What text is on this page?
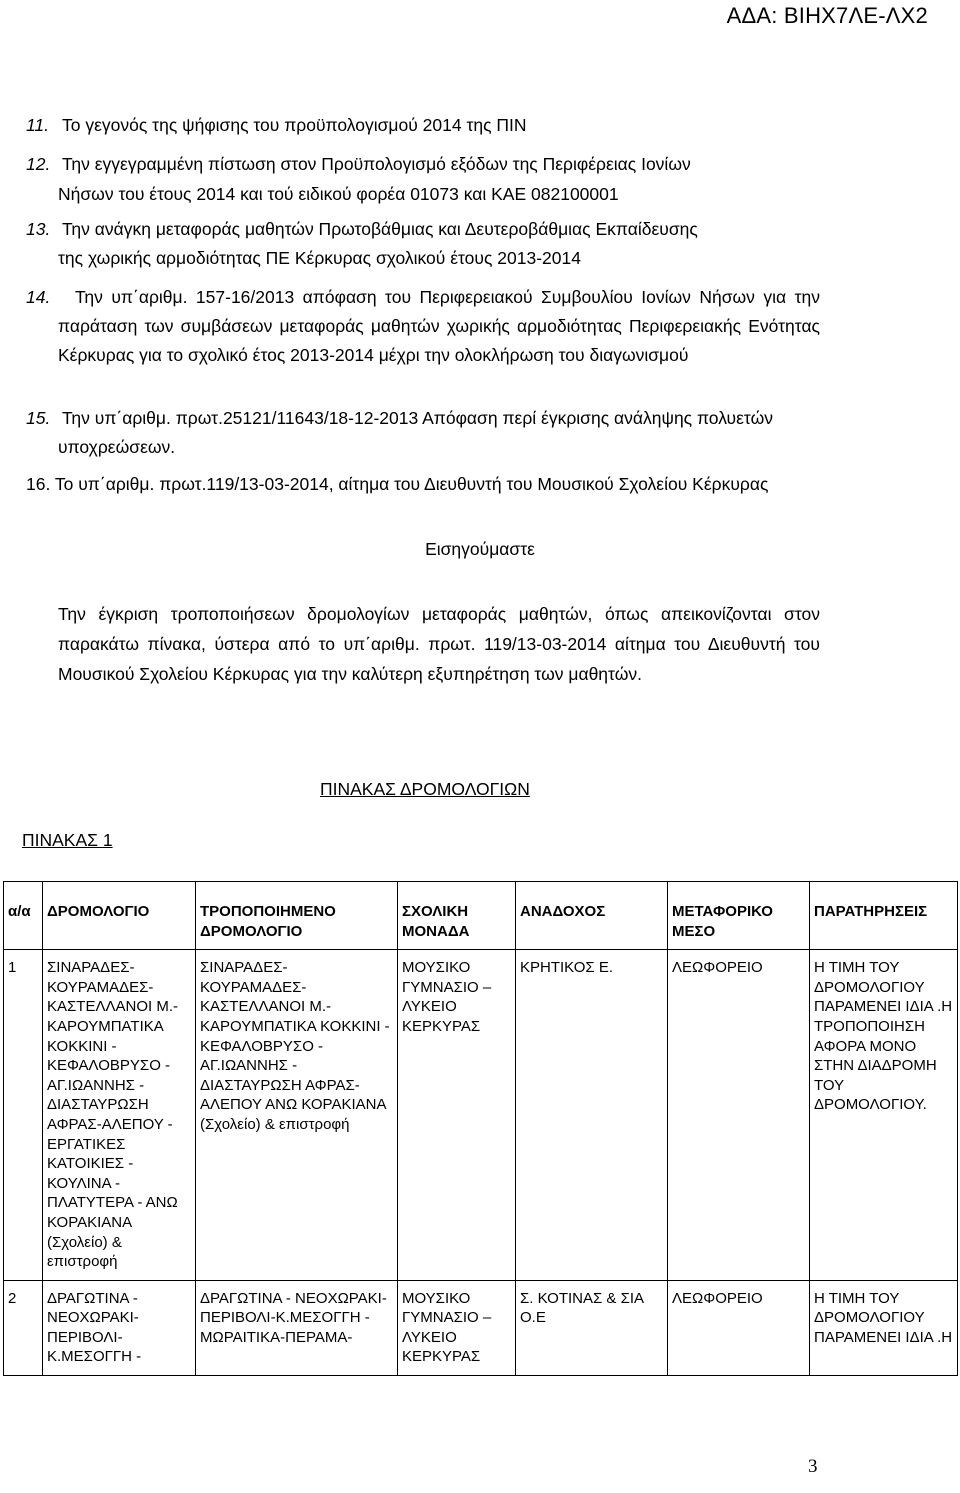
ΑΔΑ: ΒΙΗΧ7ΛΕ-ΛΧ2
11. Το γεγονός της ψήφισης του προϋπολογισμού 2014 της ΠΙΝ
12. Την εγγεγραμμένη πίστωση στον Προϋπολογισμό εξόδων της Περιφέρειας Ιονίων
Νήσων του έτους 2014 και τού ειδικού φορέα 01073 και ΚΑΕ 082100001
13. Την ανάγκη μεταφοράς μαθητών Πρωτοβάθμιας και Δευτεροβάθμιας Εκπαίδευσης
της χωρικής αρμοδιότητας ΠΕ Κέρκυρας σχολικού έτους 2013-2014
14.	Την υπ΄αριθμ. 157-16/2013 απόφαση του Περιφερειακού Συμβουλίου Ιονίων Νήσων για την παράταση των συμβάσεων μεταφοράς μαθητών χωρικής αρμοδιότητας Περιφερειακής Ενότητας Κέρκυρας για το σχολικό έτος 2013-2014 μέχρι την ολοκλήρωση του διαγωνισμού
15. Την υπ΄αριθμ. πρωτ.25121/11643/18-12-2013 Απόφαση περί έγκρισης ανάληψης πολυετών υποχρεώσεων.
16. Το υπ΄αριθμ. πρωτ.119/13-03-2014, αίτημα του Διευθυντή του Μουσικού Σχολείου Κέρκυρας
Εισηγούμαστε
Την έγκριση τροποποιήσεων δρομολογίων μεταφοράς μαθητών, όπως απεικονίζονται στον παρακάτω πίνακα, ύστερα από το υπ΄αριθμ. πρωτ. 119/13-03-2014 αίτημα του Διευθυντή του Μουσικού Σχολείου Κέρκυρας για την καλύτερη εξυπηρέτηση των μαθητών.
ΠΙΝΑΚΑΣ ΔΡΟΜΟΛΟΓΙΩΝ
ΠΙΝΑΚΑΣ 1
α/α	ΔΡΟΜΟΛΟΓΙΟ	ΤΡΟΠΟΠΟΙΗΜΕΝΟ ΔΡΟΜΟΛΟΓΙΟ	ΣΧΟΛΙΚΗ ΜΟΝΑΔΑ	ΑΝΑΔΟΧΟΣ	ΜΕΤΑΦΟΡΙΚΟ ΜΕΣΟ	ΠΑΡΑΤΗΡΗΣΕΙΣ
1	ΣΙΝΑΡΑΔΕΣ-ΚΟΥΡΑΜΑΔΕΣ-ΚΑΣΤΕΛΛΑΝΟΙ Μ.-ΚΑΡΟΥΜΠΑΤΙΚΑ ΚΟΚΚΙΝΙ - ΚΕΦΑΛΟΒΡΥΣΟ - ΑΓ.ΙΩΑΝΝΗΣ - ΔΙΑΣΤΑΥΡΩΣΗ ΑΦΡΑΣ-ΑΛΕΠΟΥ - ΕΡΓΑΤΙΚΕΣ ΚΑΤΟΙΚΙΕΣ - ΚΟΥΛΙΝΑ - ΠΛΑΤΥΤΕΡΑ - ΑΝΩ ΚΟΡΑΚΙΑΝΑ (Σχολείο) & επιστροφή	ΣΙΝΑΡΑΔΕΣ-ΚΟΥΡΑΜΑΔΕΣ-ΚΑΣΤΕΛΛΑΝΟΙ Μ.-ΚΑΡΟΥΜΠΑΤΙΚΑ ΚΟΚΚΙΝΙ - ΚΕΦΑΛΟΒΡΥΣΟ - ΑΓ.ΙΩΑΝΝΗΣ - ΔΙΑΣΤΑΥΡΩΣΗ ΑΦΡΑΣ-ΑΛΕΠΟΥ ΑΝΩ ΚΟΡΑΚΙΑΝΑ (Σχολείο) & επιστροφή	ΜΟΥΣΙΚΟ ΓΥΜΝΑΣΙΟ – ΛΥΚΕΙΟ ΚΕΡΚΥΡΑΣ	ΚΡΗΤΙΚΟΣ Ε.	ΛΕΩΦΟΡΕΙΟ	Η ΤΙΜΗ ΤΟΥ ΔΡΟΜΟΛΟΓΙΟΥ ΠΑΡΑΜΕΝΕΙ ΙΔΙΑ .Η ΤΡΟΠΟΠΟΙΗΣΗ ΑΦΟΡΑ ΜΟΝΟ ΣΤΗΝ ΔΙΑΔΡΟΜΗ ΤΟΥ ΔΡΟΜΟΛΟΓΙΟΥ.
2	ΔΡΑΓΩΤΙΝΑ - ΝΕΟΧΩΡΑΚΙ-ΠΕΡΙΒΟΛΙ-Κ.ΜΕΣΟΓΓΗ -	ΔΡΑΓΩΤΙΝΑ - ΝΕΟΧΩΡΑΚΙ-ΠΕΡΙΒΟΛΙ-Κ.ΜΕΣΟΓΓΗ - ΜΩΡΑΙΤΙΚΑ-ΠΕΡΑΜΑ-	ΜΟΥΣΙΚΟ ΓΥΜΝΑΣΙΟ – ΛΥΚΕΙΟ ΚΕΡΚΥΡΑΣ	Σ. ΚΟΤΙΝΑΣ & ΣΙΑ Ο.Ε	ΛΕΩΦΟΡΕΙΟ	Η ΤΙΜΗ ΤΟΥ ΔΡΟΜΟΛΟΓΙΟΥ ΠΑΡΑΜΕΝΕΙ ΙΔΙΑ .Η
3
